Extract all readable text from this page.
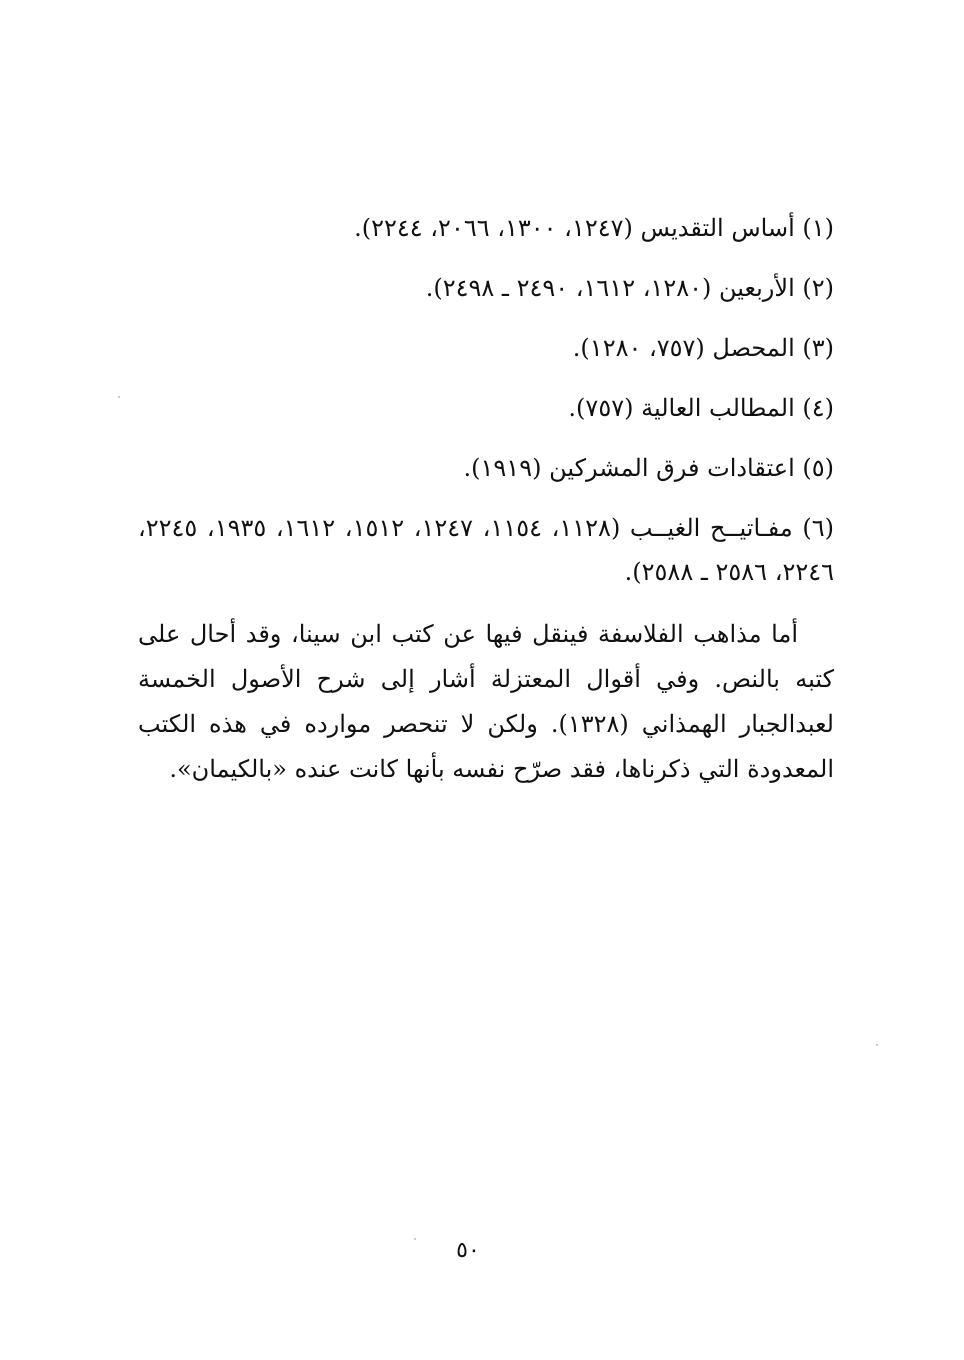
(١) أساس التقديس (١٢٤٧، ١٣٠٠، ٢٠٦٦، ٢٢٤٤).

(٢) الأربعين (١٢٨٠، ١٦١٢، ٢٤٩٠ ـ ٢٤٩٨).

(٣) المحصل (٧٥٧، ١٢٨٠).

(٤) المطالب العالية (٧٥٧).

(٥) اعتقادات فرق المشركين (١٩١٩).

(٦) مفـاتيــح الغيــب (١١٢٨، ١١٥٤، ١٢٤٧، ١٥١٢، ١٦١٢، ١٩٣٥، ٢٢٤٥، ٢٢٤٦، ٢٥٨٦ ـ ٢٥٨٨).

أما مذاهب الفلاسفة فينقل فيها عن كتب ابن سينا، وقد أحال على كتبه بالنص. وفي أقوال المعتزلة أشار إلى شرح الأصول الخمسة لعبدالجبار الهمذاني (١٣٢٨). ولكن لا تنحصر موارده في هذه الكتب المعدودة التي ذكرناها، فقد صرّح نفسه بأنها كانت عنده «بالكيمان».

٥٠
